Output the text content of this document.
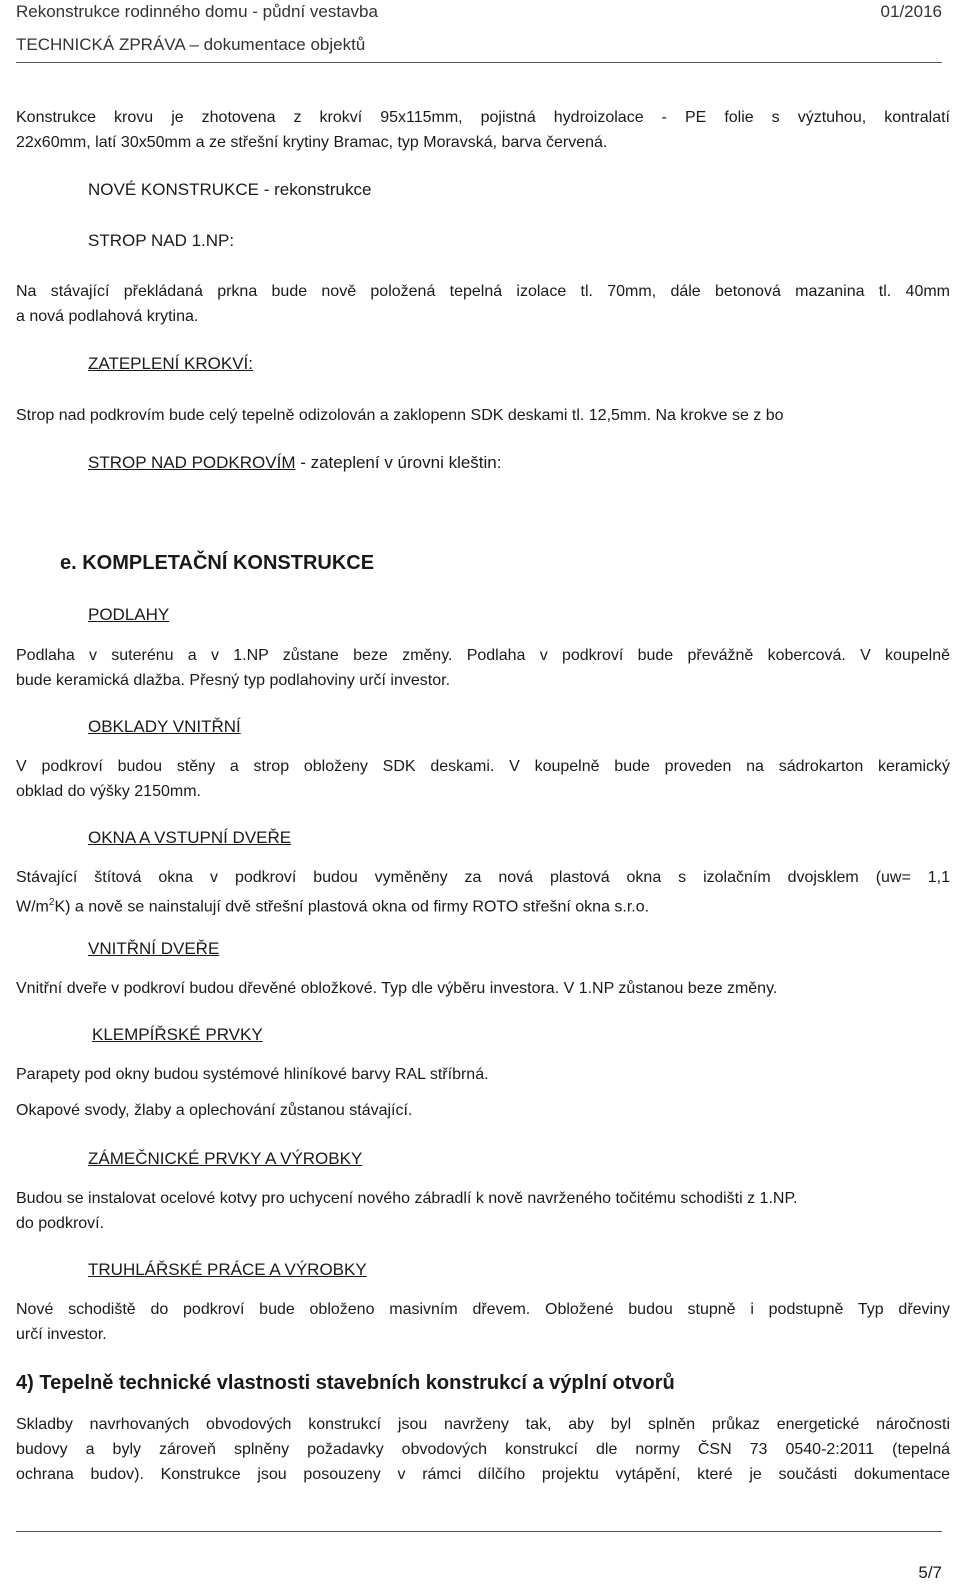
Rekonstrukce rodinného domu - půdní vestavba	01/2016
TECHNICKÁ ZPRÁVA – dokumentace objektů
Konstrukce krovu je zhotovena z krokví 95x115mm, pojistná hydroizolace - PE folie s výztuhou, kontralatí
22x60mm, latí 30x50mm a ze střešní krytiny Bramac, typ Moravská, barva červená.
NOVÉ KONSTRUKCE - rekonstrukce
STROP NAD 1.NP:
Na stávající překládaná prkna bude nově položená tepelná izolace tl. 70mm, dále betonová mazanina tl. 40mm
a nová podlahová krytina.
ZATEPLENÍ KROKVÍ:
Strop nad podkrovím bude celý tepelně odizolován a zaklopenn SDK deskami tl. 12,5mm. Na krokve se z bo
STROP NAD PODKROVÍM - zateplení v úrovni kleštin:
e. KOMPLETAČNÍ KONSTRUKCE
PODLAHY
Podlaha v suterénu a v 1.NP zůstane beze změny. Podlaha v podkroví bude převážně kobercová. V koupelně
bude keramická dlažba. Přesný typ podlahoviny určí investor.
OBKLADY VNITŘNÍ
V podkroví budou stěny a strop obloženy SDK deskami. V koupelně bude proveden na sádrokarton keramický
obklad do výšky 2150mm.
OKNA A VSTUPNÍ DVEŘE
Stávající štítová okna v podkroví budou vyměněny za nová plastová okna s izolačním dvojsklem (uw= 1,1
$W/m^2K$) a nově se nainstalují dvě střešní plastová okna od firmy ROTO střešní okna s.r.o.
VNITŘNÍ DVEŘE
Vnitřní dveře v podkroví budou dřevěné obložkové. Typ dle výběru investora. V 1.NP zůstanou beze změny.
KLEMPÍŘSKÉ PRVKY
Parapety pod okny budou systémové hliníkové barvy RAL stříbrná.
Okapové svody, žlaby a oplechování zůstanou stávající.
ZÁMEČNICKÉ PRVKY A VÝROBKY
Budou se instalovat ocelové kotvy pro uchycení nového zábradlí k nově navrženého točitému schodišti z 1.NP.
do podkroví.
TRUHLÁŘSKÉ PRÁCE A VÝROBKY
Nové schodiště do podkroví bude obloženo masivním dřevem. Obložené budou stupně i podstupně Typ dřeviny
určí investor.
4) Tepelně technické vlastnosti stavebních konstrukcí a výplní otvorů
Skladby navrhovaných obvodových konstrukcí jsou navrženy tak, aby byl splněn průkaz energetické náročnosti
budovy a byly zároveň splněny požadavky obvodových konstrukcí dle normy ČSN 73 0540-2:2011 (tepelná
ochrana budov). Konstrukce jsou posouzeny v rámci dílčího projektu vytápění, které je součásti dokumentace
5/7
